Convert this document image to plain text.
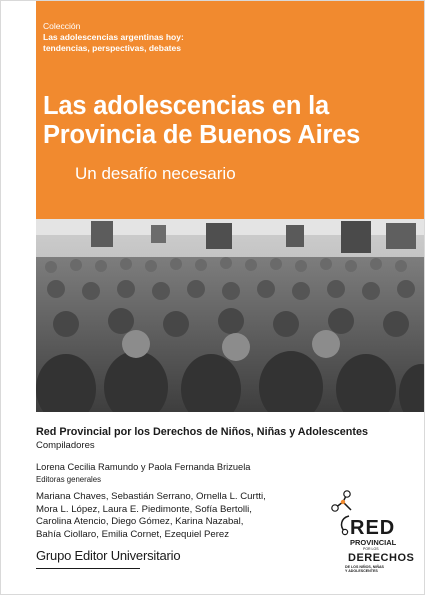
Colección
Las adolescencias argentinas hoy:
tendencias, perspectivas, debates
Las adolescencias en la
Provincia de Buenos Aires
Un desafío necesario
Red Provincial por los Derechos de Niños, Niñas y Adolescentes
Compiladores
Lorena Cecilia Ramundo y Paola Fernanda Brizuela
Editoras generales
Mariana Chaves, Sebastián Serrano, Ornella L. Curtti,
Mora L. López, Laura E. Piedimonte, Sofía Bertolli,
Carolina Atencio, Diego Gómez, Karina Nazabal,
Bahía Ciollaro, Emilia Cornet, Ezequiel Perez
Grupo Editor Universitario
RED
PROVINCIAL
POR LOS
DERECHOS
DE LOS NIÑOS, NIÑAS
Y ADOLESCENTES
